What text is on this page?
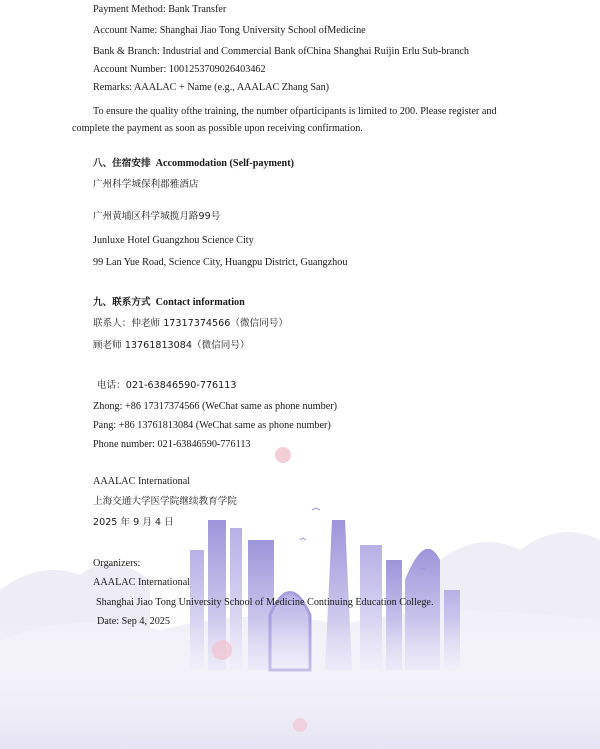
Payment Method: Bank Transfer
Account Name: Shanghai Jiao Tong University School ofMedicine
Bank & Branch: Industrial and Commercial Bank ofChina Shanghai Ruijin Erlu Sub-branch
Account Number: 1001253709026403462
Remarks: AAALAC + Name (e.g., AAALAC Zhang San)
To ensure the quality ofthe training, the number ofparticipants is limited to 200. Please register and complete the payment as soon as possible upon receiving confirmation.
八、住宿安排 Accommodation (Self-payment)
广州科学城保利郡雅酒店
广州黄埔区科学城揽月路99号
Junluxe Hotel Guangzhou Science City
99 Lan Yue Road, Science City, Huangpu District, Guangzhou
九、联系方式 Contact information
联系人：仲老师 17317374566（微信同号）
顾老师 13761813084（微信同号）
电话：021-63846590-776113
Zhong: +86 17317374566 (WeChat same as phone number)
Pang: +86 13761813084 (WeChat same as phone number)
Phone number: 021-63846590-776113
AAALAC International
上海交通大学医学院继续教育学院
2025 年 9 月 4 日
Organizers:
AAALAC International
Shanghai Jiao Tong University School of Medicine Continuing Education College.
Date: Sep 4, 2025
